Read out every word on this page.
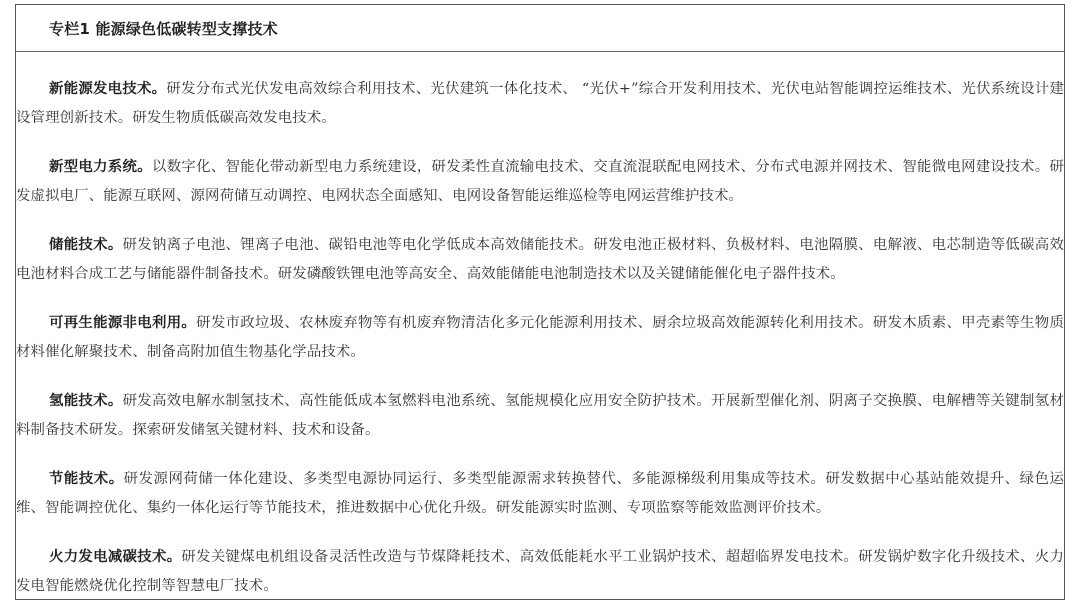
专栏1 能源绿色低碳转型支撑技术

新能源发电技术。研发分布式光伏发电高效综合利用技术、光伏建筑一体化技术、 “光伏+”综合开发利用技术、光伏电站智能调控运维技术、光伏系统设计建设管理创新技术。研发生物质低碳高效发电技术。

新型电力系统。以数字化、智能化带动新型电力系统建设，研发柔性直流输电技术、交直流混联配电网技术、分布式电源并网技术、智能微电网建设技术。研发虚拟电厂、能源互联网、源网荷储互动调控、电网状态全面感知、电网设备智能运维巡检等电网运营维护技术。

储能技术。研发钠离子电池、锂离子电池、碳铅电池等电化学低成本高效储能技术。研发电池正极材料、负极材料、电池隔膜、电解液、电芯制造等低碳高效电池材料合成工艺与储能器件制备技术。研发磷酸铁锂电池等高安全、高效能储能电池制造技术以及关键储能催化电子器件技术。

可再生能源非电利用。研发市政垃圾、农林废弃物等有机废弃物清洁化多元化能源利用技术、厨余垃圾高效能源转化利用技术。研发木质素、甲壳素等生物质材料催化解聚技术、制备高附加值生物基化学品技术。

氢能技术。研发高效电解水制氢技术、高性能低成本氢燃料电池系统、氢能规模化应用安全防护技术。开展新型催化剂、阴离子交换膜、电解槽等关键制氢材料制备技术研发。探索研发储氢关键材料、技术和设备。

节能技术。研发源网荷储一体化建设、多类型电源协同运行、多类型能源需求转换替代、多能源梯级利用集成等技术。研发数据中心基站能效提升、绿色运维、智能调控优化、集约一体化运行等节能技术，推进数据中心优化升级。研发能源实时监测、专项监察等能效监测评价技术。

火力发电减碳技术。研发关键煤电机组设备灵活性改造与节煤降耗技术、高效低能耗水平工业锅炉技术、超超临界发电技术。研发锅炉数字化升级技术、火力发电智能燃烧优化控制等智慧电厂技术。
